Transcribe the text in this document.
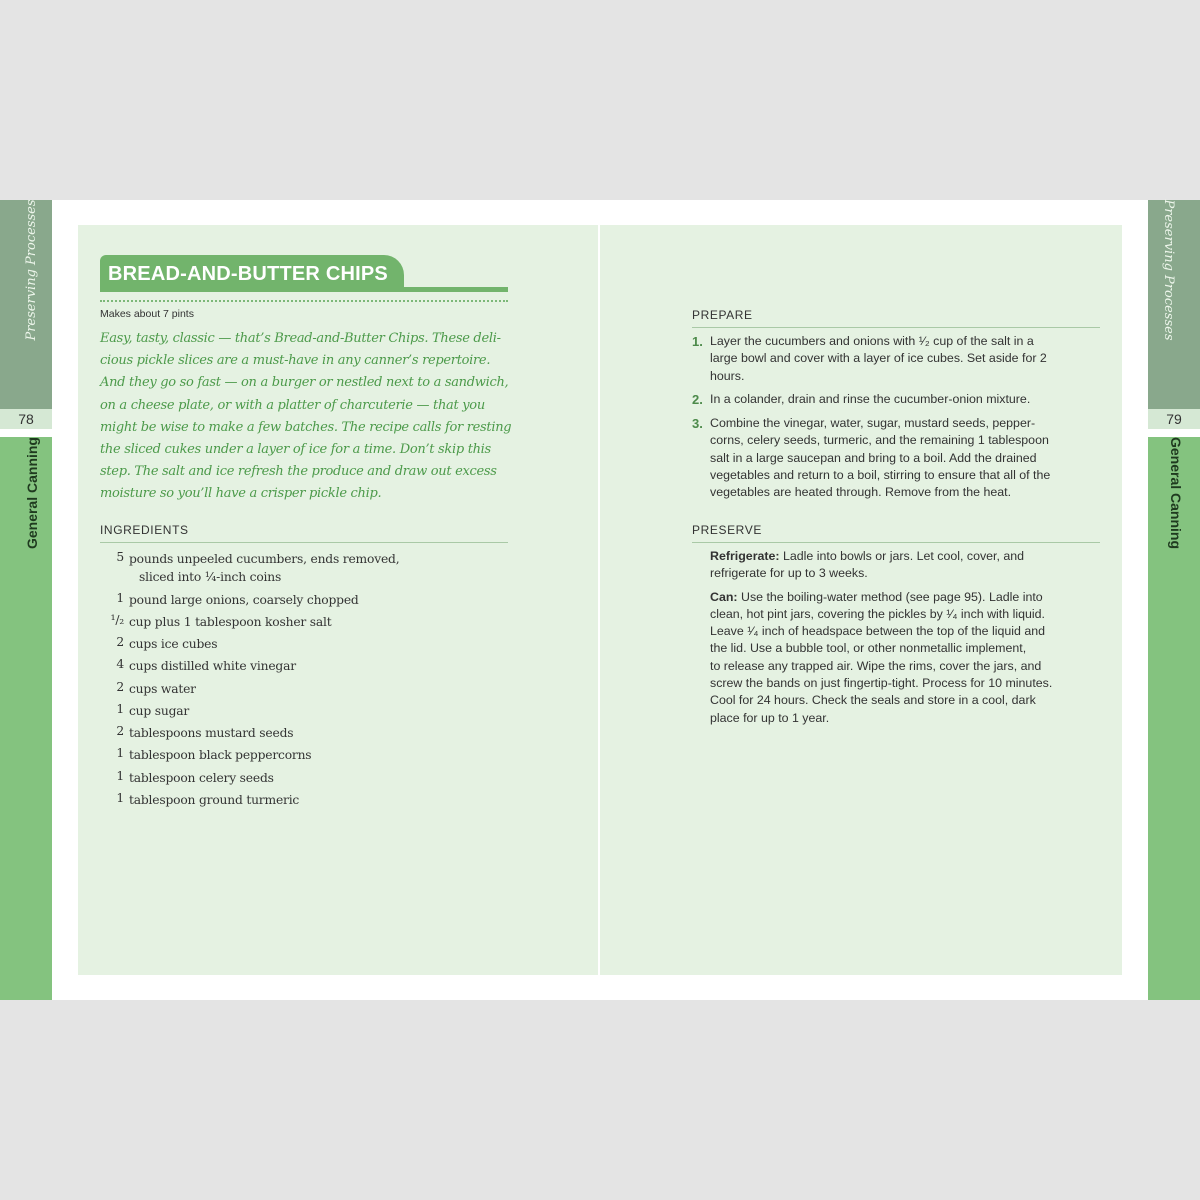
Preserving Processes
78
General Canning
Preserving Processes
79
General Canning
BREAD-AND-BUTTER CHIPS
Makes about 7 pints
Easy, tasty, classic — that’s Bread-and-Butter Chips. These deli-
cious pickle slices are a must-have in any canner’s repertoire.
And they go so fast — on a burger or nestled next to a sandwich,
on a cheese plate, or with a platter of charcuterie — that you
might be wise to make a few batches. The recipe calls for resting
the sliced cukes under a layer of ice for a time. Don’t skip this
step. The salt and ice refresh the produce and draw out excess
moisture so you’ll have a crisper pickle chip.
INGREDIENTS
5 pounds unpeeled cucumbers, ends removed,
sliced into ¹⁄₄-inch coins
1 pound large onions, coarsely chopped
¹/₂ cup plus 1 tablespoon kosher salt
2 cups ice cubes
4 cups distilled white vinegar
2 cups water
1 cup sugar
2 tablespoons mustard seeds
1 tablespoon black peppercorns
1 tablespoon celery seeds
1 tablespoon ground turmeric
PREPARE
1. Layer the cucumbers and onions with ¹⁄₂ cup of the salt in a
large bowl and cover with a layer of ice cubes. Set aside for 2
hours.
2. In a colander, drain and rinse the cucumber-onion mixture.
3. Combine the vinegar, water, sugar, mustard seeds, pepper-
corns, celery seeds, turmeric, and the remaining 1 tablespoon
salt in a large saucepan and bring to a boil. Add the drained
vegetables and return to a boil, stirring to ensure that all of the
vegetables are heated through. Remove from the heat.
PRESERVE
Refrigerate: Ladle into bowls or jars. Let cool, cover, and
refrigerate for up to 3 weeks.
Can: Use the boiling-water method (see page 95). Ladle into
clean, hot pint jars, covering the pickles by ¹⁄₄ inch with liquid.
Leave ¹⁄₄ inch of headspace between the top of the liquid and
the lid. Use a bubble tool, or other nonmetallic implement,
to release any trapped air. Wipe the rims, cover the jars, and
screw the bands on just fingertip-tight. Process for 10 minutes.
Cool for 24 hours. Check the seals and store in a cool, dark
place for up to 1 year.
